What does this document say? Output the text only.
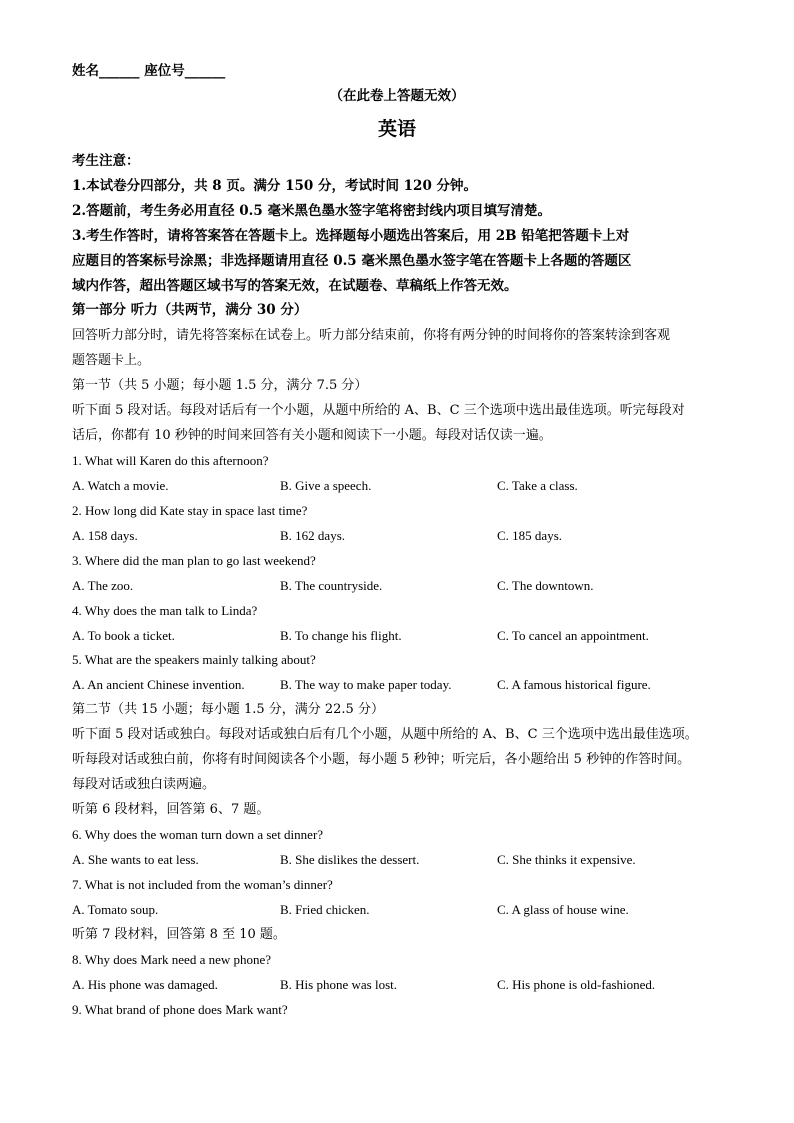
姓名______ 座位号______
（在此卷上答题无效）
英语
考生注意：
1.本试卷分四部分，共 8 页。满分 150 分，考试时间 120 分钟。
2.答题前，考生务必用直径 0.5 毫米黑色墨水签字笔将密封线内项目填写清楚。
3.考生作答时，请将答案答在答题卡上。选择题每小题选出答案后，用 2B 铅笔把答题卡上对
应题目的答案标号涂黑；非选择题请用直径 0.5 毫米黑色墨水签字笔在答题卡上各题的答题区
域内作答，超出答题区域书写的答案无效，在试题卷、草稿纸上作答无效。
第一部分 听力（共两节，满分 30 分）
回答听力部分时，请先将答案标在试卷上。听力部分结束前，你将有两分钟的时间将你的答案转涂到客观
题答题卡上。
第一节（共 5 小题；每小题 1.5 分，满分 7.5 分）
听下面 5 段对话。每段对话后有一个小题，从题中所给的 A、B、C 三个选项中选出最佳选项。听完每段对
话后，你都有 10 秒钟的时间来回答有关小题和阅读下一小题。每段对话仅读一遍。
1. What will Karen do this afternoon?
A. Watch a movie.	B. Give a speech.	C. Take a class.
2. How long did Kate stay in space last time?
A. 158 days.	B. 162 days.	C. 185 days.
3. Where did the man plan to go last weekend?
A. The zoo.	B. The countryside.	C. The downtown.
4. Why does the man talk to Linda?
A. To book a ticket.	B. To change his flight.	C. To cancel an appointment.
5. What are the speakers mainly talking about?
A. An ancient Chinese invention.	B. The way to make paper today.	C. A famous historical figure.
第二节（共 15 小题；每小题 1.5 分，满分 22.5 分）
听下面 5 段对话或独白。每段对话或独白后有几个小题，从题中所给的 A、B、C 三个选项中选出最佳选项。
听每段对话或独白前，你将有时间阅读各个小题，每小题 5 秒钟；听完后，各小题给出 5 秒钟的作答时间。
每段对话或独白读两遍。
听第 6 段材料，回答第 6、7 题。
6. Why does the woman turn down a set dinner?
A. She wants to eat less.	B. She dislikes the dessert.	C. She thinks it expensive.
7. What is not included from the woman’s dinner?
A. Tomato soup.	B. Fried chicken.	C. A glass of house wine.
听第 7 段材料，回答第 8 至 10 题。
8. Why does Mark need a new phone?
A. His phone was damaged.	B. His phone was lost.	C. His phone is old-fashioned.
9. What brand of phone does Mark want?
